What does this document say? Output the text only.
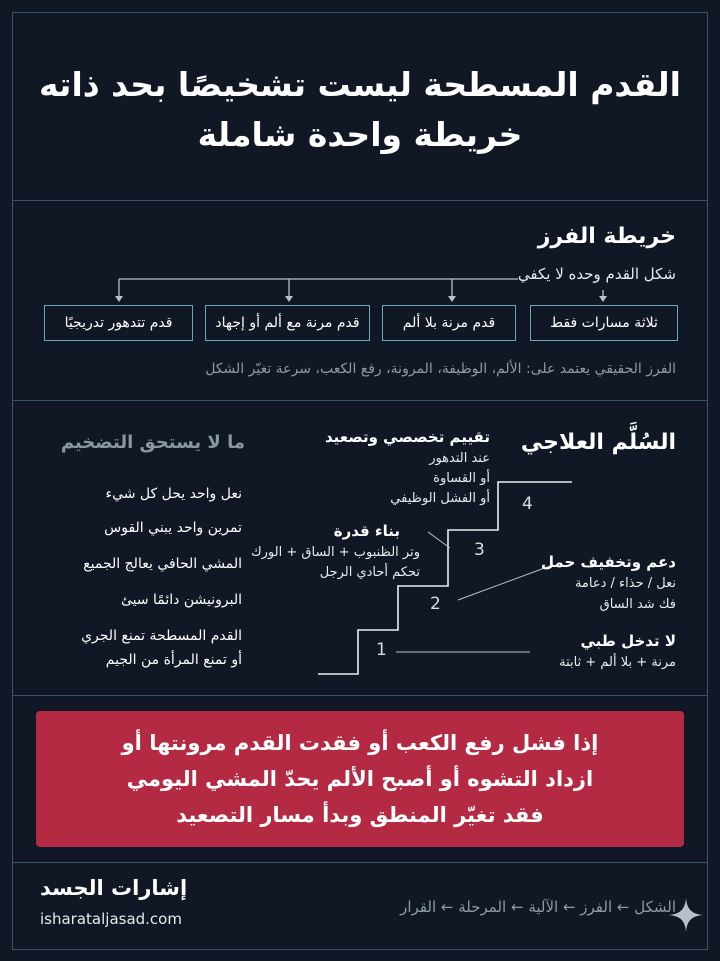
القدم المسطحة ليست تشخيصًا بحد ذاته
خريطة واحدة شاملة
خريطة الفرز
شكل القدم وحده لا يكفي
ثلاثة مسارات فقط
قدم مرنة بلا ألم
قدم مرنة مع ألم أو إجهاد
قدم تتدهور تدريجيًا
الفرز الحقيقي يعتمد على: الألم، الوظيفة، المرونة، رفع الكعب، سرعة تغيّر الشكل
السُلَّم العلاجي
1
2
3
4
تقييم تخصصي وتصعيد
عند التدهور
أو القساوة
أو الفشل الوظيفي
بناء قدرة
وتر الظنبوب + الساق + الورك
تحكم أحادي الرجل
دعم وتخفيف حمل
نعل / حذاء / دعامة
فك شد الساق
لا تدخل طبي
مرنة + بلا ألم + ثابتة
ما لا يستحق التضخيم
نعل واحد يحل كل شيء
تمرين واحد يبني القوس
المشي الحافي يعالج الجميع
البرونيشن دائمًا سيئ
القدم المسطحة تمنع الجري
أو تمنع المرأة من الجيم
إذا فشل رفع الكعب أو فقدت القدم مرونتها أو
ازداد التشوه أو أصبح الألم يحدّ المشي اليومي
فقد تغيّر المنطق وبدأ مسار التصعيد
إشارات الجسد
isharataljasad.com
الشكل ← الفرز ← الآلية ← المرحلة ← القرار
